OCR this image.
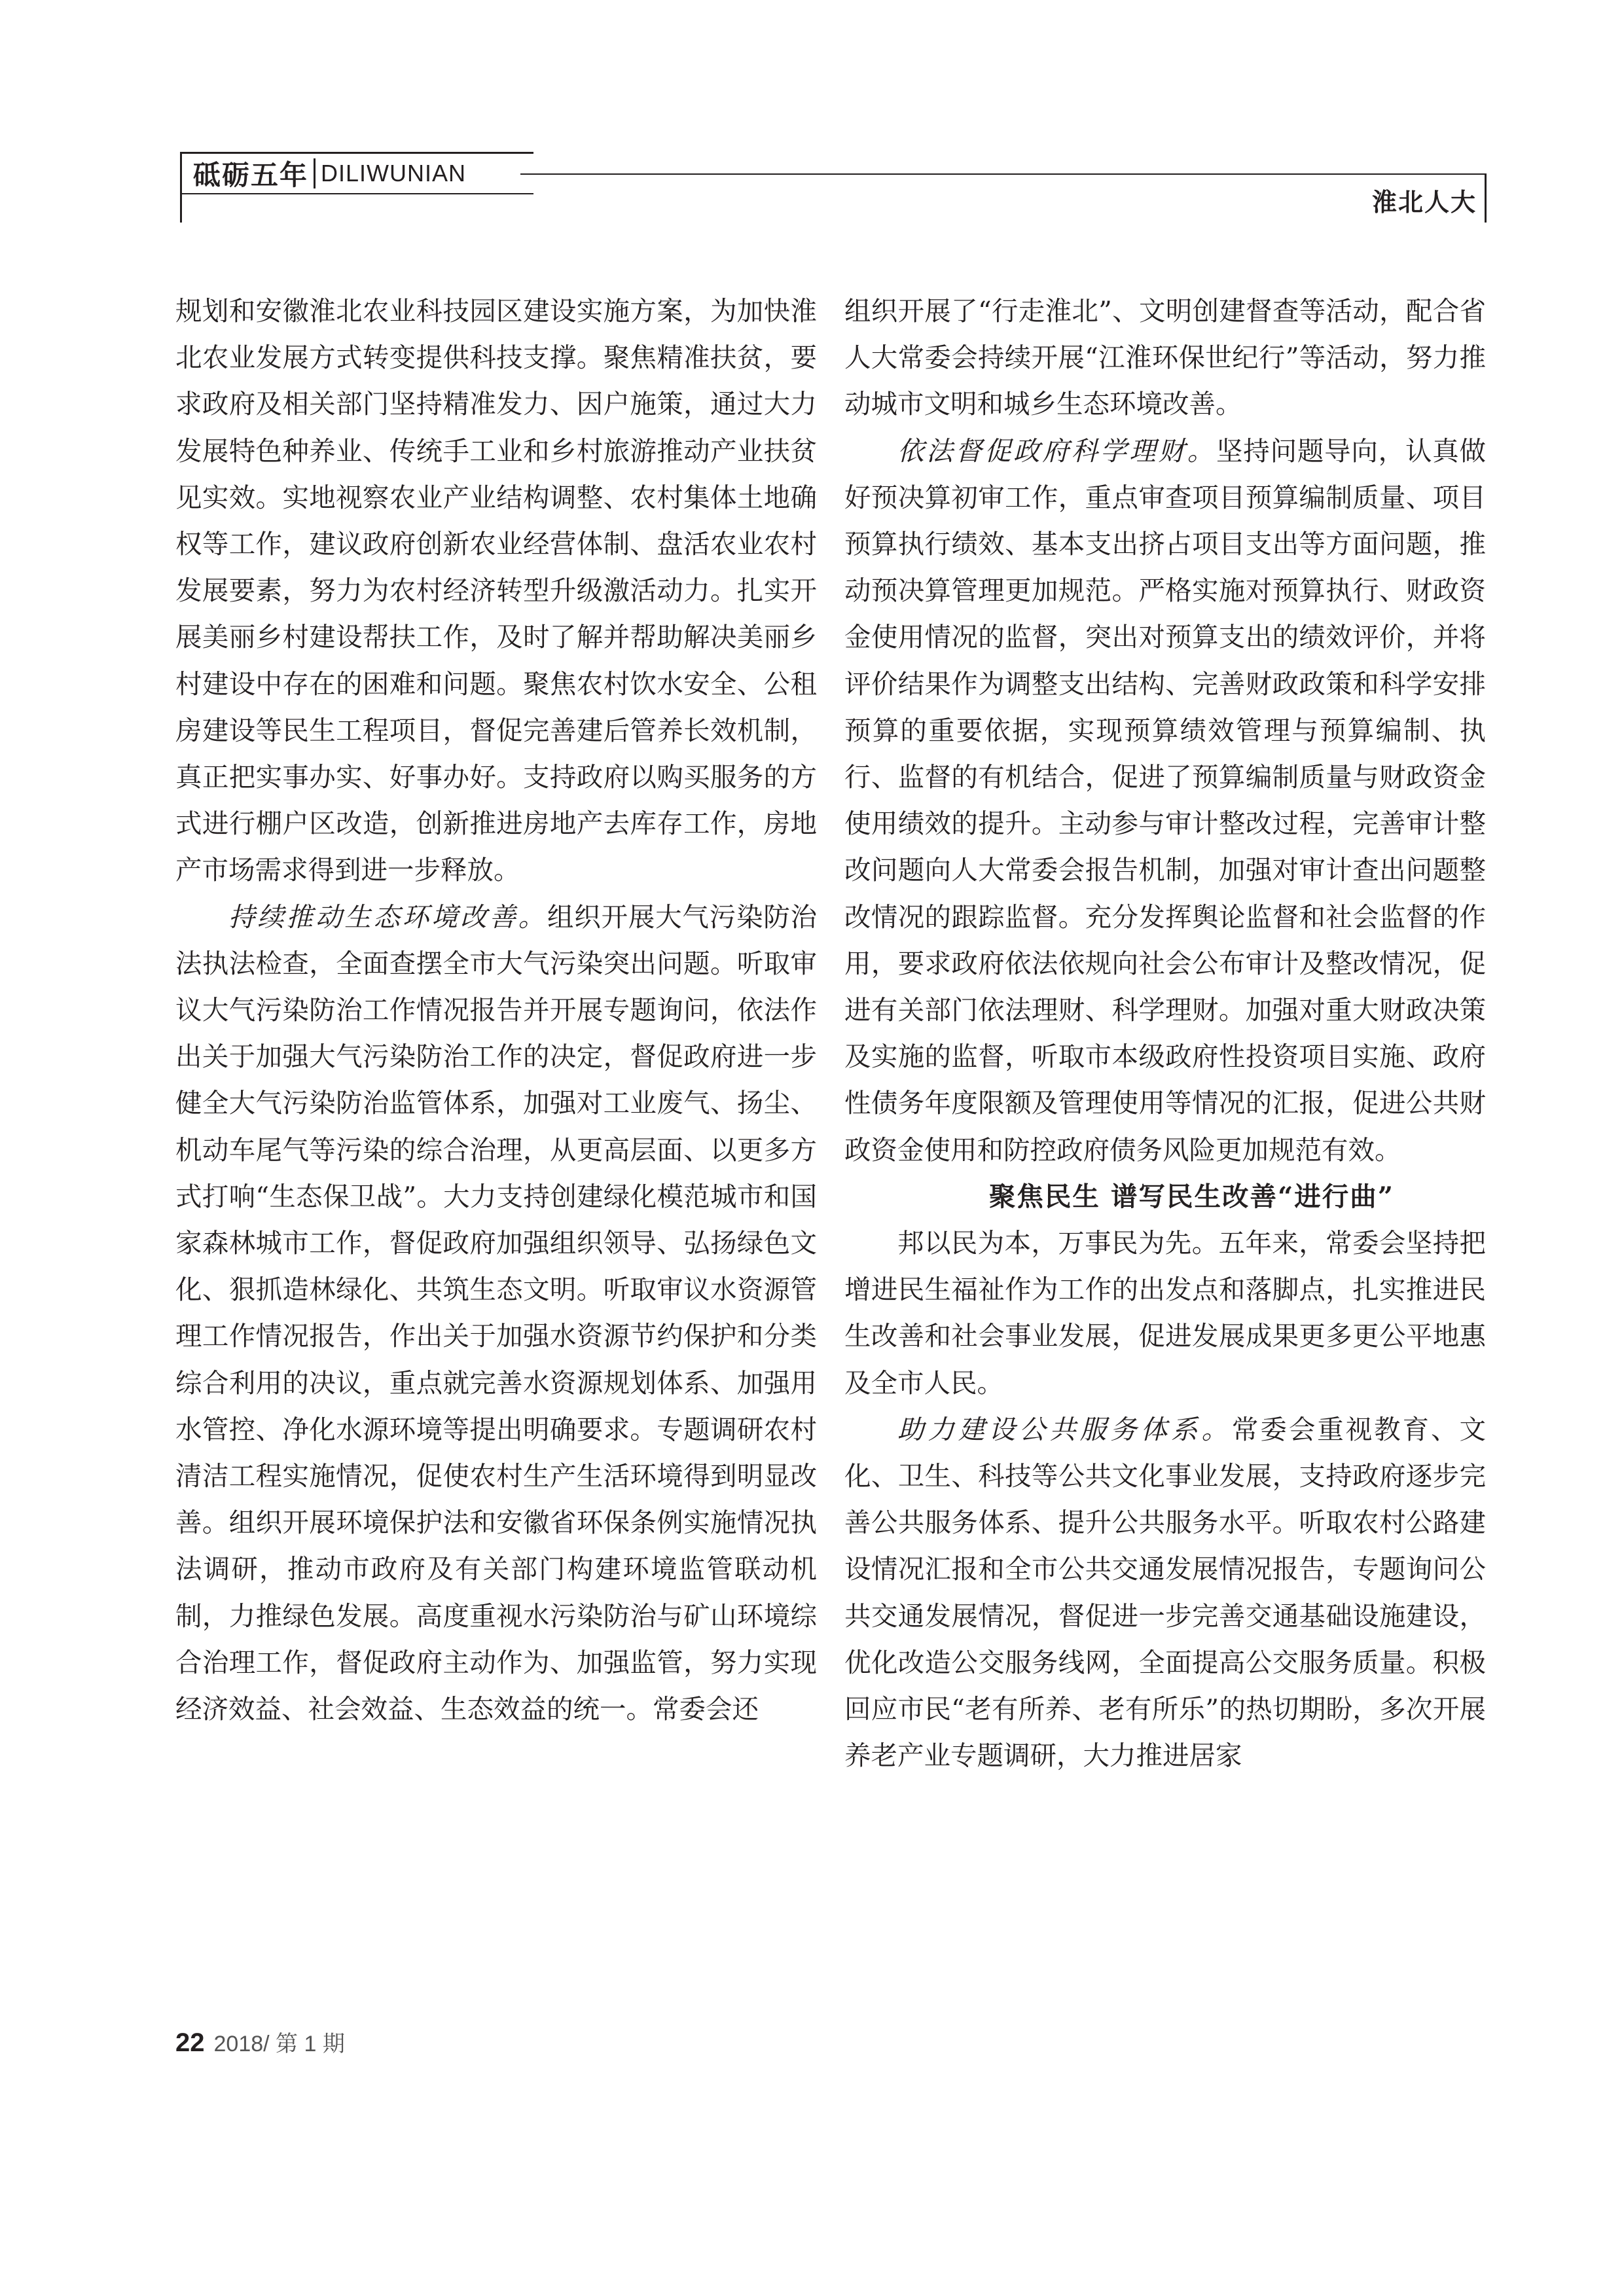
砥砺五年 DILIWUNIAN
淮北人大

规划和安徽淮北农业科技园区建设实施方案，为加快淮北农业发展方式转变提供科技支撑。聚焦精准扶贫，要求政府及相关部门坚持精准发力、因户施策，通过大力发展特色种养业、传统手工业和乡村旅游推动产业扶贫见实效。实地视察农业产业结构调整、农村集体土地确权等工作，建议政府创新农业经营体制、盘活农业农村发展要素，努力为农村经济转型升级激活动力。扎实开展美丽乡村建设帮扶工作，及时了解并帮助解决美丽乡村建设中存在的困难和问题。聚焦农村饮水安全、公租房建设等民生工程项目，督促完善建后管养长效机制，真正把实事办实、好事办好。支持政府以购买服务的方式进行棚户区改造，创新推进房地产去库存工作，房地产市场需求得到进一步释放。

持续推动生态环境改善。组织开展大气污染防治法执法检查，全面查摆全市大气污染突出问题。听取审议大气污染防治工作情况报告并开展专题询问，依法作出关于加强大气污染防治工作的决定，督促政府进一步健全大气污染防治监管体系，加强对工业废气、扬尘、机动车尾气等污染的综合治理，从更高层面、以更多方式打响“生态保卫战”。大力支持创建绿化模范城市和国家森林城市工作，督促政府加强组织领导、弘扬绿色文化、狠抓造林绿化、共筑生态文明。听取审议水资源管理工作情况报告，作出关于加强水资源节约保护和分类综合利用的决议，重点就完善水资源规划体系、加强用水管控、净化水源环境等提出明确要求。专题调研农村清洁工程实施情况，促使农村生产生活环境得到明显改善。组织开展环境保护法和安徽省环保条例实施情况执法调研，推动市政府及有关部门构建环境监管联动机制，力推绿色发展。高度重视水污染防治与矿山环境综合治理工作，督促政府主动作为、加强监管，努力实现经济效益、社会效益、生态效益的统一。常委会还

组织开展了“行走淮北”、文明创建督查等活动，配合省人大常委会持续开展“江淮环保世纪行”等活动，努力推动城市文明和城乡生态环境改善。

依法督促政府科学理财。坚持问题导向，认真做好预决算初审工作，重点审查项目预算编制质量、项目预算执行绩效、基本支出挤占项目支出等方面问题，推动预决算管理更加规范。严格实施对预算执行、财政资金使用情况的监督，突出对预算支出的绩效评价，并将评价结果作为调整支出结构、完善财政政策和科学安排预算的重要依据，实现预算绩效管理与预算编制、执行、监督的有机结合，促进了预算编制质量与财政资金使用绩效的提升。主动参与审计整改过程，完善审计整改问题向人大常委会报告机制，加强对审计查出问题整改情况的跟踪监督。充分发挥舆论监督和社会监督的作用，要求政府依法依规向社会公布审计及整改情况，促进有关部门依法理财、科学理财。加强对重大财政决策及实施的监督，听取市本级政府性投资项目实施、政府性债务年度限额及管理使用等情况的汇报，促进公共财政资金使用和防控政府债务风险更加规范有效。

聚焦民生 谱写民生改善“进行曲”

邦以民为本，万事民为先。五年来，常委会坚持把增进民生福祉作为工作的出发点和落脚点，扎实推进民生改善和社会事业发展，促进发展成果更多更公平地惠及全市人民。

助力建设公共服务体系。常委会重视教育、文化、卫生、科技等公共文化事业发展，支持政府逐步完善公共服务体系、提升公共服务水平。听取农村公路建设情况汇报和全市公共交通发展情况报告，专题询问公共交通发展情况，督促进一步完善交通基础设施建设，优化改造公交服务线网，全面提高公交服务质量。积极回应市民“老有所养、老有所乐”的热切期盼，多次开展养老产业专题调研，大力推进居家

22 2018/ 第 1 期
